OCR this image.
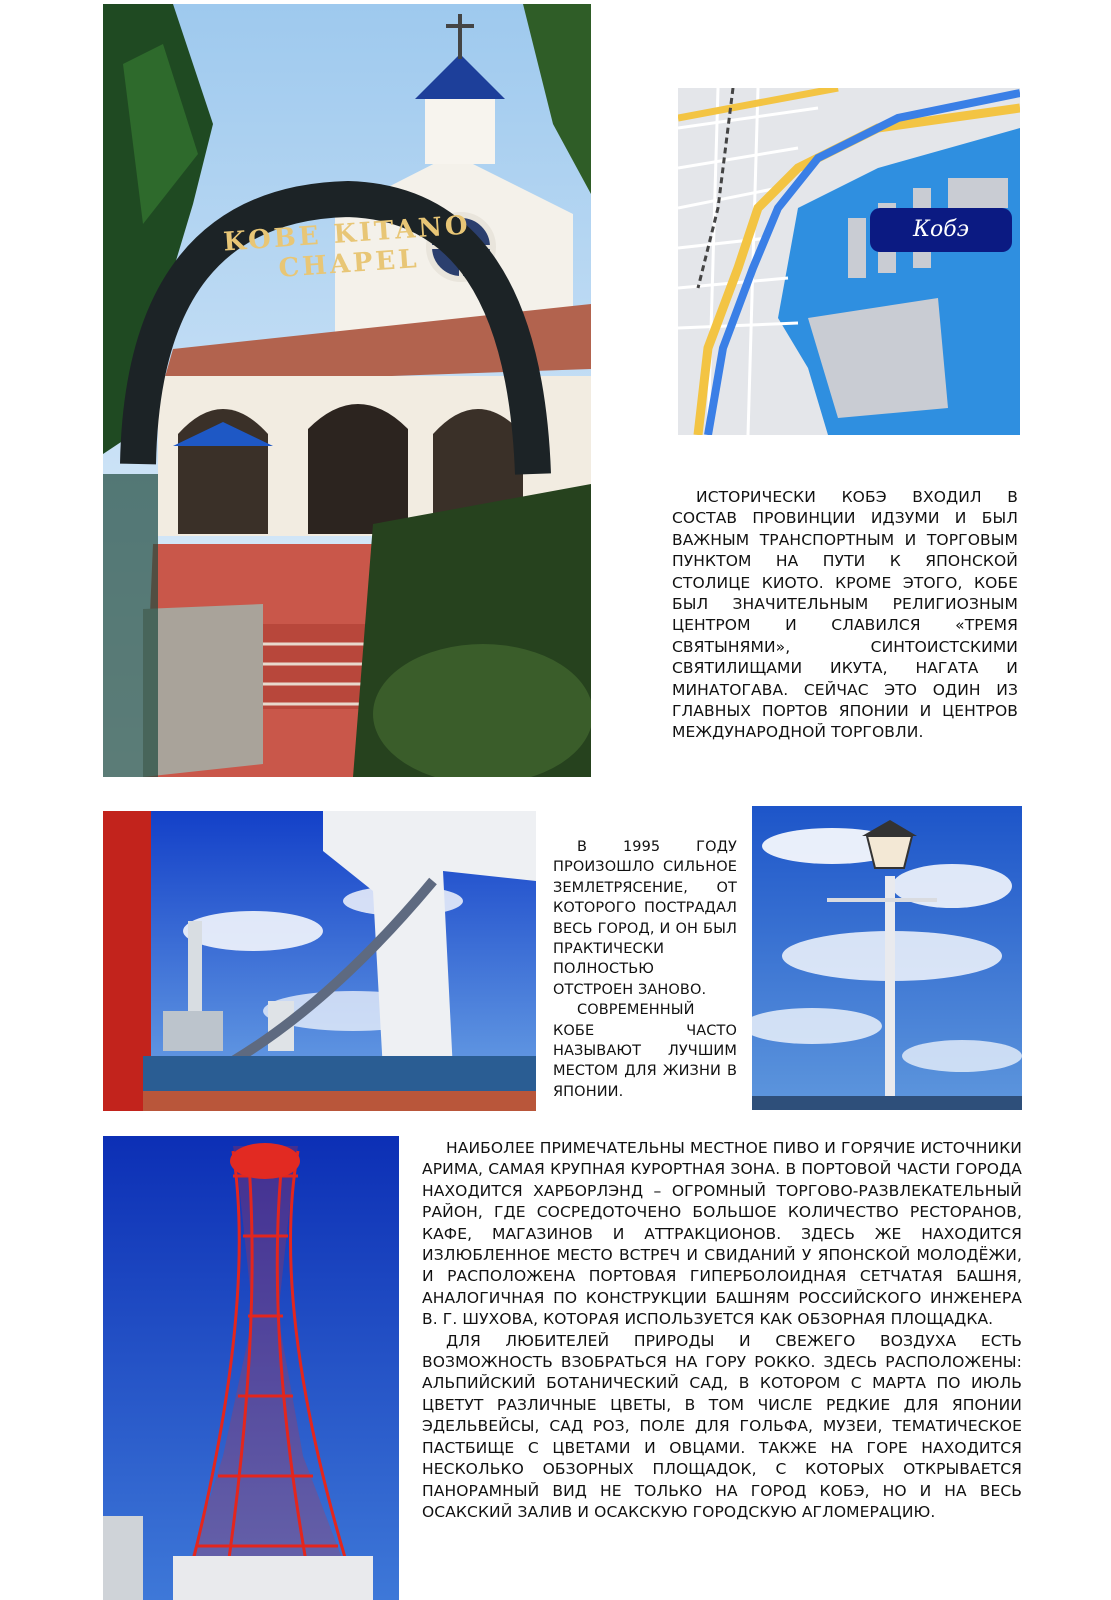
KOBE KITANO CHAPEL
Кобэ

ИСТОРИЧЕСКИ КОБЭ ВХОДИЛ В СОСТАВ ПРОВИНЦИИ ИДЗУМИ И БЫЛ ВАЖНЫМ ТРАНСПОРТНЫМ И ТОРГОВЫМ ПУНКТОМ НА ПУТИ К ЯПОНСКОЙ СТОЛИЦЕ КИОТО. КРОМЕ ЭТОГО, КОБЕ БЫЛ ЗНАЧИТЕЛЬНЫМ РЕЛИГИОЗНЫМ ЦЕНТРОМ И СЛАВИЛСЯ «ТРЕМЯ СВЯТЫНЯМИ», СИНТОИСТСКИМИ СВЯТИЛИЩАМИ ИКУТА, НАГАТА И МИНАТОГАВА. СЕЙЧАС ЭТО ОДИН ИЗ ГЛАВНЫХ ПОРТОВ ЯПОНИИ И ЦЕНТРОВ МЕЖДУНАРОДНОЙ ТОРГОВЛИ.

В 1995 ГОДУ ПРОИЗОШЛО СИЛЬНОЕ ЗЕМЛЕТРЯСЕНИЕ, ОТ КОТОРОГО ПОСТРАДАЛ ВЕСЬ ГОРОД, И ОН БЫЛ ПРАКТИЧЕСКИ ПОЛНОСТЬЮ ОТСТРОЕН ЗАНОВО.

СОВРЕМЕННЫЙ КОБЕ ЧАСТО НАЗЫВАЮТ ЛУЧШИМ МЕСТОМ ДЛЯ ЖИЗНИ В ЯПОНИИ.

НАИБОЛЕЕ ПРИМЕЧАТЕЛЬНЫ МЕСТНОЕ ПИВО И ГОРЯЧИЕ ИСТОЧНИКИ АРИМА, САМАЯ КРУПНАЯ КУРОРТНАЯ ЗОНА. В ПОРТОВОЙ ЧАСТИ ГОРОДА НАХОДИТСЯ ХАРБОРЛЭНД – ОГРОМНЫЙ ТОРГОВО-РАЗВЛЕКАТЕЛЬНЫЙ РАЙОН, ГДЕ СОСРЕДОТОЧЕНО БОЛЬШОЕ КОЛИЧЕСТВО РЕСТОРАНОВ, КАФЕ, МАГАЗИНОВ И АТТРАКЦИОНОВ. ЗДЕСЬ ЖЕ НАХОДИТСЯ ИЗЛЮБЛЕННОЕ МЕСТО ВСТРЕЧ И СВИДАНИЙ У ЯПОНСКОЙ МОЛОДЁЖИ, И РАСПОЛОЖЕНА ПОРТОВАЯ ГИПЕРБОЛОИДНАЯ СЕТЧАТАЯ БАШНЯ, АНАЛОГИЧНАЯ ПО КОНСТРУКЦИИ БАШНЯМ РОССИЙСКОГО ИНЖЕНЕРА В. Г. ШУХОВА, КОТОРАЯ ИСПОЛЬЗУЕТСЯ КАК ОБЗОРНАЯ ПЛОЩАДКА.

ДЛЯ ЛЮБИТЕЛЕЙ ПРИРОДЫ И СВЕЖЕГО ВОЗДУХА ЕСТЬ ВОЗМОЖНОСТЬ ВЗОБРАТЬСЯ НА ГОРУ РОККО. ЗДЕСЬ РАСПОЛОЖЕНЫ: АЛЬПИЙСКИЙ БОТАНИЧЕСКИЙ САД, В КОТОРОМ С МАРТА ПО ИЮЛЬ ЦВЕТУТ РАЗЛИЧНЫЕ ЦВЕТЫ, В ТОМ ЧИСЛЕ РЕДКИЕ ДЛЯ ЯПОНИИ ЭДЕЛЬВЕЙСЫ, САД РОЗ, ПОЛЕ ДЛЯ ГОЛЬФА, МУЗЕИ, ТЕМАТИЧЕСКОЕ ПАСТБИЩЕ С ЦВЕТАМИ И ОВЦАМИ. ТАКЖЕ НА ГОРЕ НАХОДИТСЯ НЕСКОЛЬКО ОБЗОРНЫХ ПЛОЩАДОК, С КОТОРЫХ ОТКРЫВАЕТСЯ ПАНОРАМНЫЙ ВИД НЕ ТОЛЬКО НА ГОРОД КОБЭ, НО И НА ВЕСЬ ОСАКСКИЙ ЗАЛИВ И ОСАКСКУЮ ГОРОДСКУЮ АГЛОМЕРАЦИЮ.
